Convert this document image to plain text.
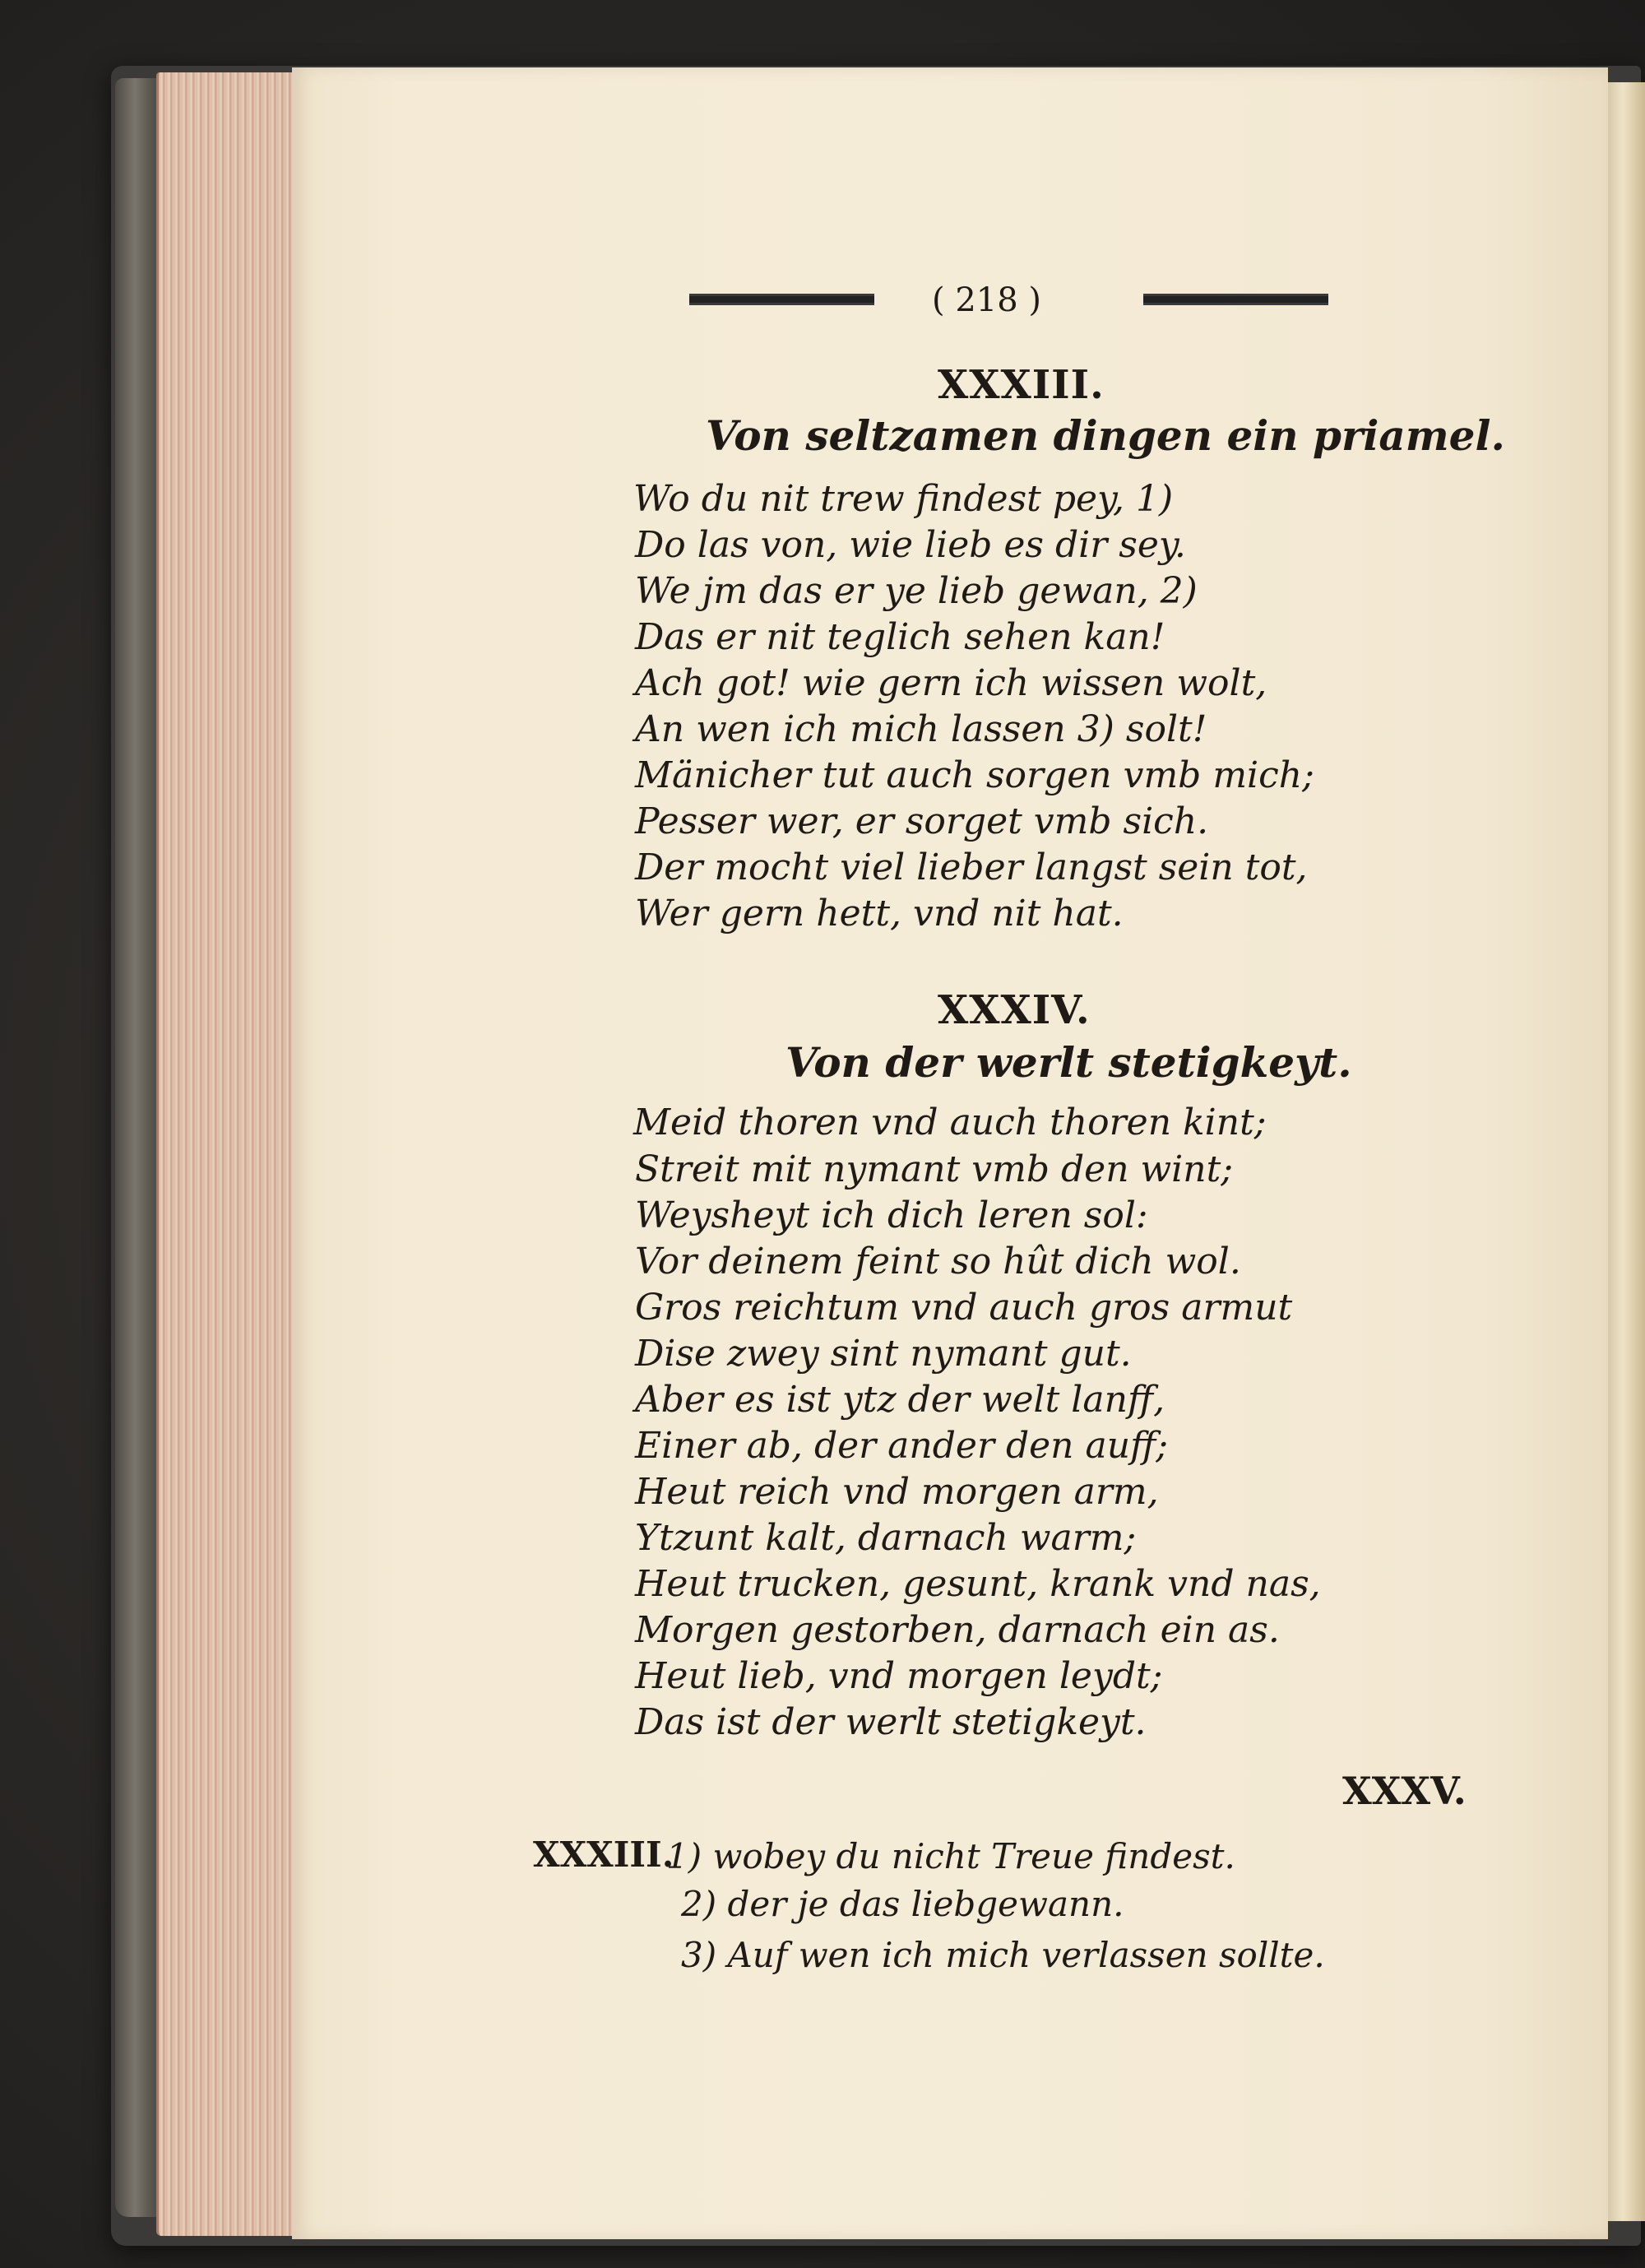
( 218 )
XXXIII.
Von seltzamen dingen ein priamel.
Wo du nit trew findest pey, 1)
Do las von, wie lieb es dir sey.
We jm das er ye lieb gewan, 2)
Das er nit teglich sehen kan!
Ach got! wie gern ich wissen wolt,
An wen ich mich lassen 3) solt!
Mänicher tut auch sorgen vmb mich;
Pesser wer, er sorget vmb sich.
Der mocht viel lieber langst sein tot,
Wer gern hett, vnd nit hat.
XXXIV.
Von der werlt stetigkeyt.
Meid thoren vnd auch thoren kint;
Streit mit nymant vmb den wint;
Weysheyt ich dich leren sol:
Vor deinem feint so hût dich wol.
Gros reichtum vnd auch gros armut
Dise zwey sint nymant gut.
Aber es ist ytz der welt lanff,
Einer ab, der ander den auff;
Heut reich vnd morgen arm,
Ytzunt kalt, darnach warm;
Heut trucken, gesunt, krank vnd nas,
Morgen gestorben, darnach ein as.
Heut lieb, vnd morgen leydt;
Das ist der werlt stetigkeyt.
XXXV.
XXXIII.
1) wobey du nicht Treue findest.
2) der je das liebgewann.
3) Auf wen ich mich verlassen sollte.
